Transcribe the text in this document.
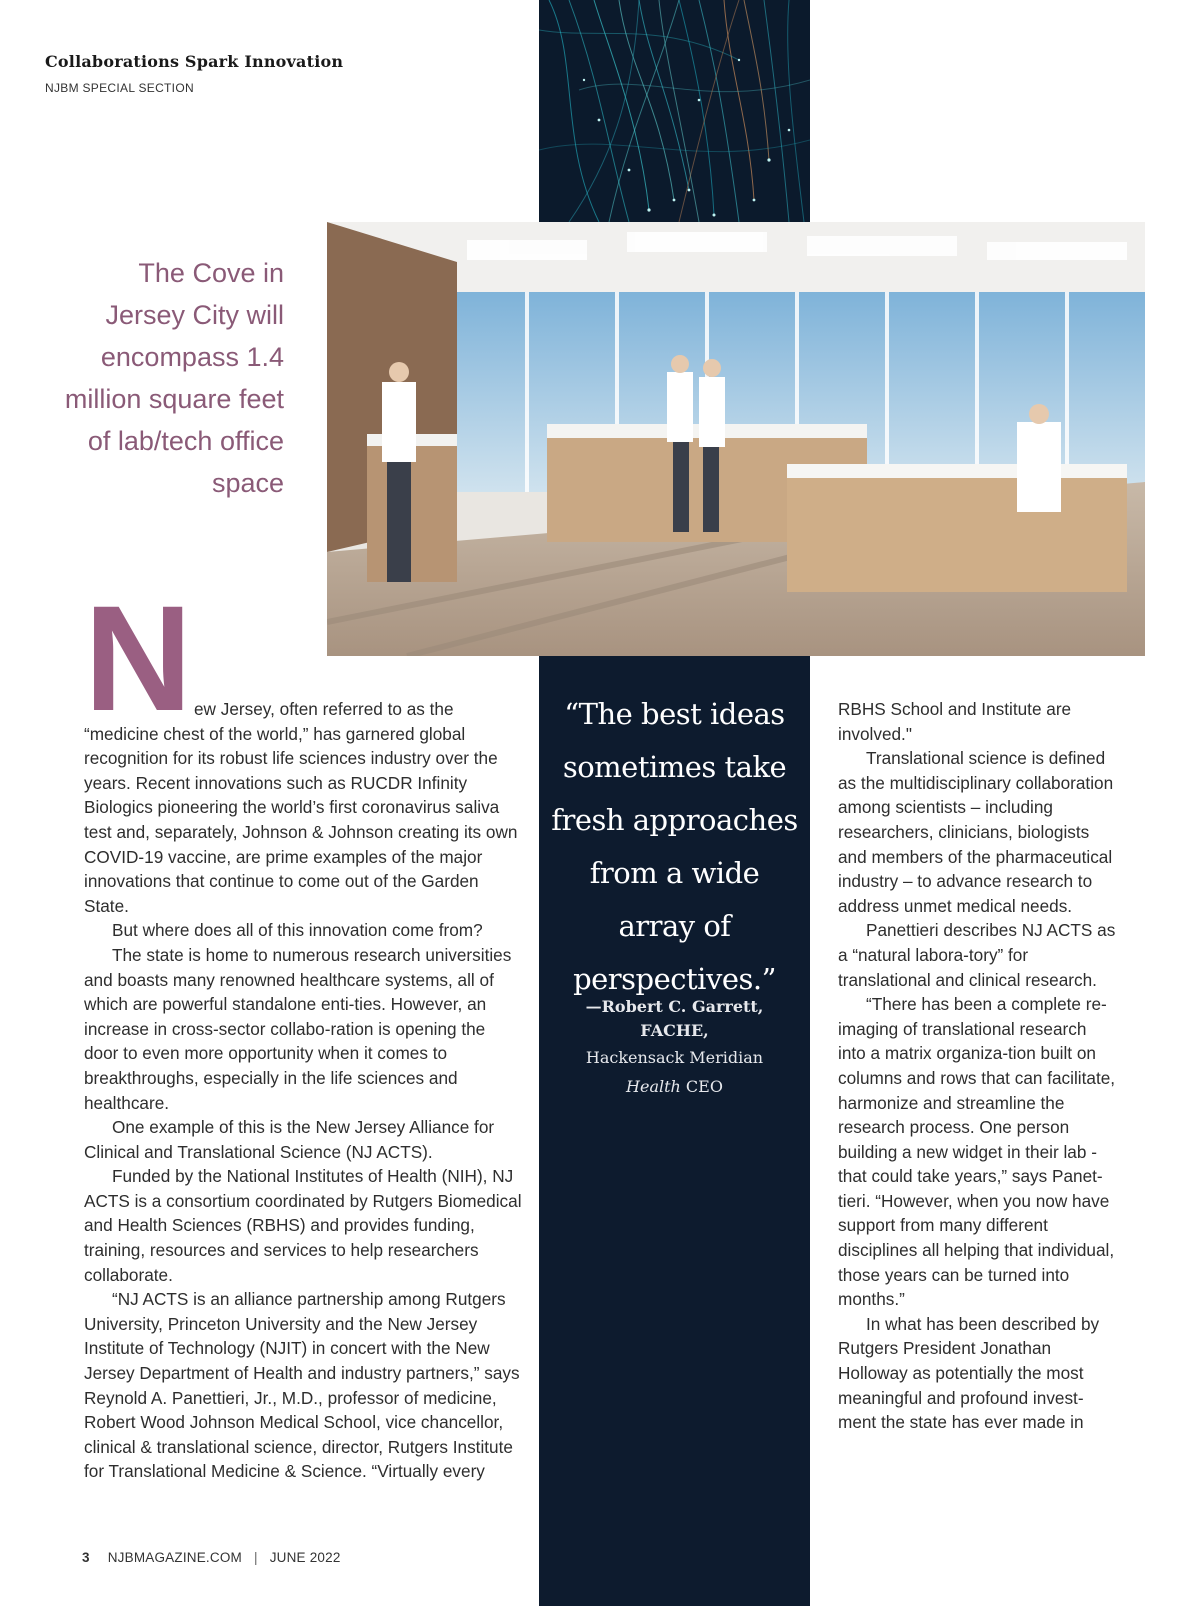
Collaborations Spark Innovation
NJBM SPECIAL SECTION
The Cove in Jersey City will encompass 1.4 million square feet of lab/tech office space
N ew Jersey, often referred to as the “medicine chest of the world,” has garnered global recognition for its robust life sciences industry over the years. Recent innovations such as RUCDR Infinity Biologics pioneering the world’s first coronavirus saliva test and, separately, Johnson & Johnson creating its own COVID-19 vaccine, are prime examples of the major innovations that continue to come out of the Garden State.

But where does all of this innovation come from?

The state is home to numerous research universities and boasts many renowned healthcare systems, all of which are powerful standalone enti-ties. However, an increase in cross-sector collabo-ration is opening the door to even more opportunity when it comes to breakthroughs, especially in the life sciences and healthcare.

One example of this is the New Jersey Alliance for Clinical and Translational Science (NJ ACTS).

Funded by the National Institutes of Health (NIH), NJ ACTS is a consortium coordinated by Rutgers Biomedical and Health Sciences (RBHS) and provides funding, training, resources and services to help researchers collaborate.

“NJ ACTS is an alliance partnership among Rutgers University, Princeton University and the New Jersey Institute of Technology (NJIT) in concert with the New Jersey Department of Health and industry partners,” says Reynold A. Panettieri, Jr., M.D., professor of medicine, Robert Wood Johnson Medical School, vice chancellor, clinical & translational science, director, Rutgers Institute for Translational Medicine & Science. “Virtually every

“The best ideas sometimes take fresh approaches from a wide array of perspectives.”
—Robert C. Garrett, FACHE,
Hackensack Meridian
Health CEO

RBHS School and Institute are involved."

Translational science is defined as the multidisciplinary collaboration among scientists – including researchers, clinicians, biologists and members of the pharmaceutical industry – to advance research to address unmet medical needs.

Panettieri describes NJ ACTS as a “natural labora-tory” for translational and clinical research.

“There has been a complete re-imaging of translational research into a matrix organiza-tion built on columns and rows that can facilitate, harmonize and streamline the research process. One person building a new widget in their lab - that could take years,” says Panet-tieri. “However, when you now have support from many different disciplines all helping that individual, those years can be turned into months.”

In what has been described by Rutgers President Jonathan Holloway as potentially the most meaningful and profound invest-ment the state has ever made in

3 NJBMAGAZINE.COM | JUNE 2022
